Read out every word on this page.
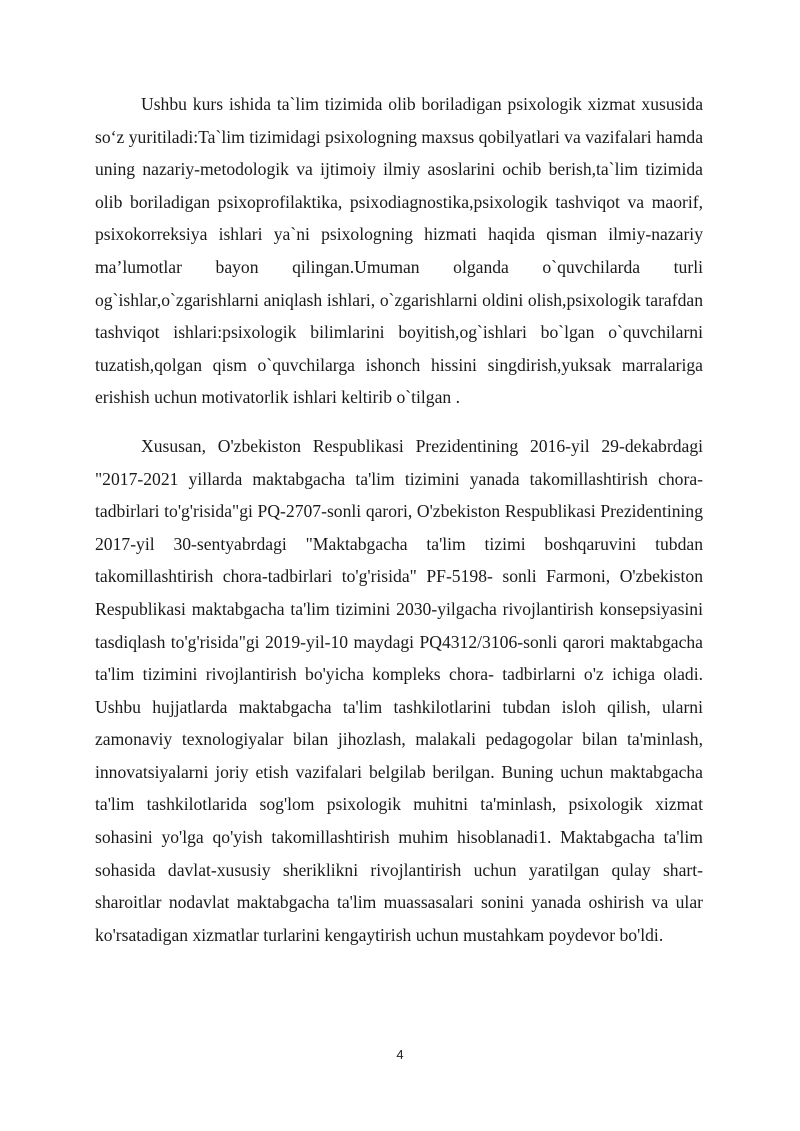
Ushbu kurs ishida ta`lim tizimida olib boriladigan psixologik xizmat xususida so‘z yuritiladi:Ta`lim tizimidagi psixologning maxsus qobilyatlari va vazifalari hamda uning nazariy-metodologik va ijtimoiy ilmiy asoslarini ochib berish,ta`lim tizimida olib boriladigan psixoprofilaktika, psixodiagnostika,psixologik tashviqot va maorif, psixokorreksiya ishlari ya`ni psixologning hizmati haqida qisman ilmiy-nazariy ma’lumotlar bayon qilingan.Umuman olganda o`quvchilarda turli og`ishlar,o`zgarishlarni aniqlash ishlari, o`zgarishlarni oldini olish,psixologik tarafdan tashviqot ishlari:psixologik bilimlarini boyitish,og`ishlari bo`lgan o`quvchilarni tuzatish,qolgan qism o`quvchilarga ishonch hissini singdirish,yuksak marralariga erishish uchun motivatorlik ishlari keltirib o`tilgan .

Xususan, O'zbekiston Respublikasi Prezidentining 2016-yil 29-dekabrdagi "2017-2021 yillarda maktabgacha ta'lim tizimini yanada takomillashtirish chora-tadbirlari to'g'risida"gi PQ-2707-sonli qarori, O'zbekiston Respublikasi Prezidentining 2017-yil 30-sentyabrdagi "Maktabgacha ta'lim tizimi boshqaruvini tubdan takomillashtirish chora-tadbirlari to'g'risida" PF-5198- sonli Farmoni, O'zbekiston Respublikasi maktabgacha ta'lim tizimini 2030-yilgacha rivojlantirish konsepsiyasini tasdiqlash to'g'risida"gi 2019-yil-10 maydagi PQ4312/3106-sonli qarori maktabgacha ta'lim tizimini rivojlantirish bo'yicha kompleks chora- tadbirlarni o'z ichiga oladi. Ushbu hujjatlarda maktabgacha ta'lim tashkilotlarini tubdan isloh qilish, ularni zamonaviy texnologiyalar bilan jihozlash, malakali pedagogolar bilan ta'minlash, innovatsiyalarni joriy etish vazifalari belgilab berilgan. Buning uchun maktabgacha ta'lim tashkilotlarida sog'lom psixologik muhitni ta'minlash, psixologik xizmat sohasini yo'lga qo'yish takomillashtirish muhim hisoblanadi1. Maktabgacha ta'lim sohasida davlat-xususiy sheriklikni rivojlantirish uchun yaratilgan qulay shart-sharoitlar nodavlat maktabgacha ta'lim muassasalari sonini yanada oshirish va ular ko'rsatadigan xizmatlar turlarini kengaytirish uchun mustahkam poydevor bo'ldi.

4
